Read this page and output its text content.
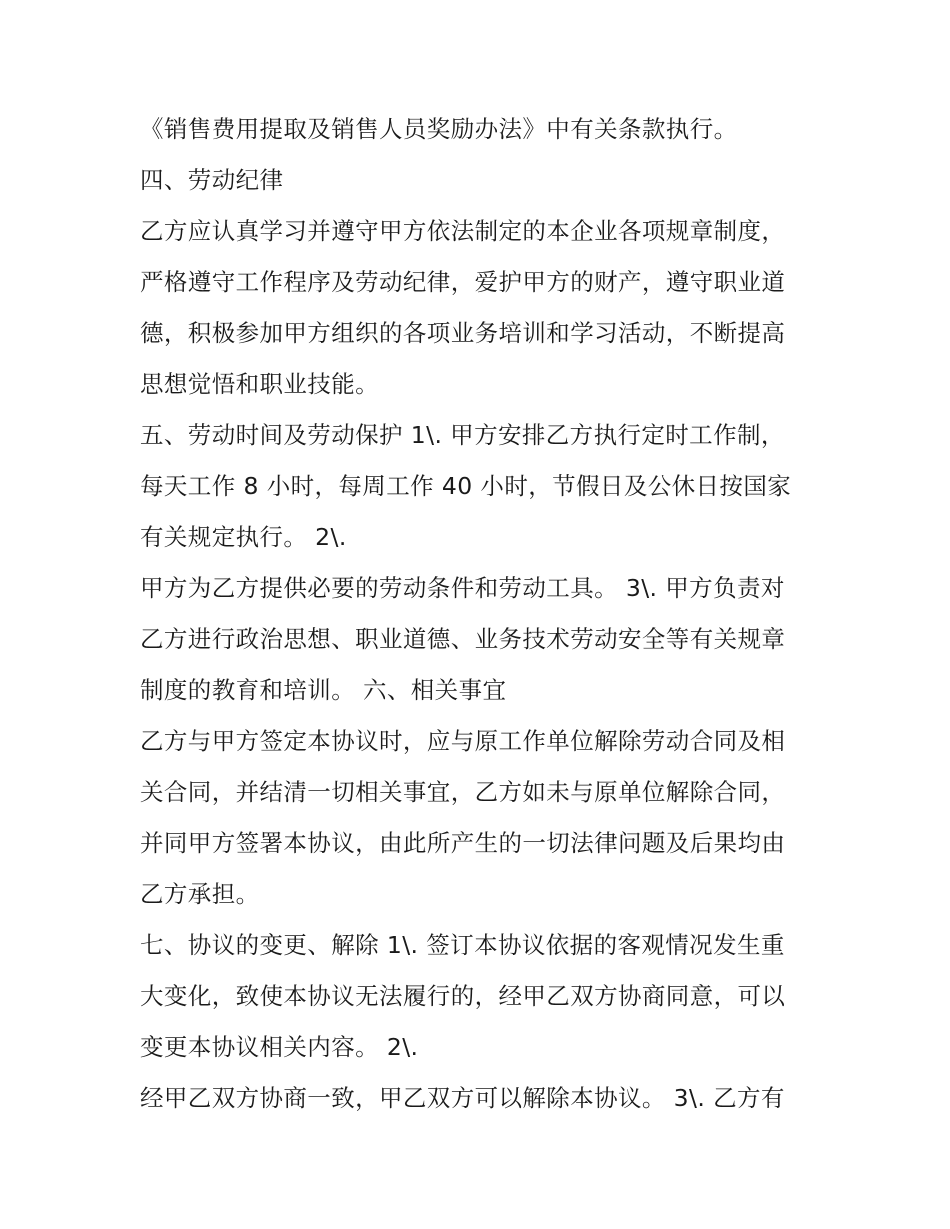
《销售费用提取及销售人员奖励办法》中有关条款执行。
四、劳动纪律
乙方应认真学习并遵守甲方依法制定的本企业各项规章制度，
严格遵守工作程序及劳动纪律，爱护甲方的财产，遵守职业道
德，积极参加甲方组织的各项业务培训和学习活动，不断提高
思想觉悟和职业技能。
五、劳动时间及劳动保护 1\. 甲方安排乙方执行定时工作制，
每天工作 8 小时，每周工作 40 小时，节假日及公休日按国家
有关规定执行。 2\.
甲方为乙方提供必要的劳动条件和劳动工具。 3\. 甲方负责对
乙方进行政治思想、职业道德、业务技术劳动安全等有关规章
制度的教育和培训。 六、相关事宜
乙方与甲方签定本协议时，应与原工作单位解除劳动合同及相
关合同，并结清一切相关事宜，乙方如未与原单位解除合同，
并同甲方签署本协议，由此所产生的一切法律问题及后果均由
乙方承担。
七、协议的变更、解除 1\. 签订本协议依据的客观情况发生重
大变化，致使本协议无法履行的，经甲乙双方协商同意，可以
变更本协议相关内容。 2\.
经甲乙双方协商一致，甲乙双方可以解除本协议。 3\. 乙方有
